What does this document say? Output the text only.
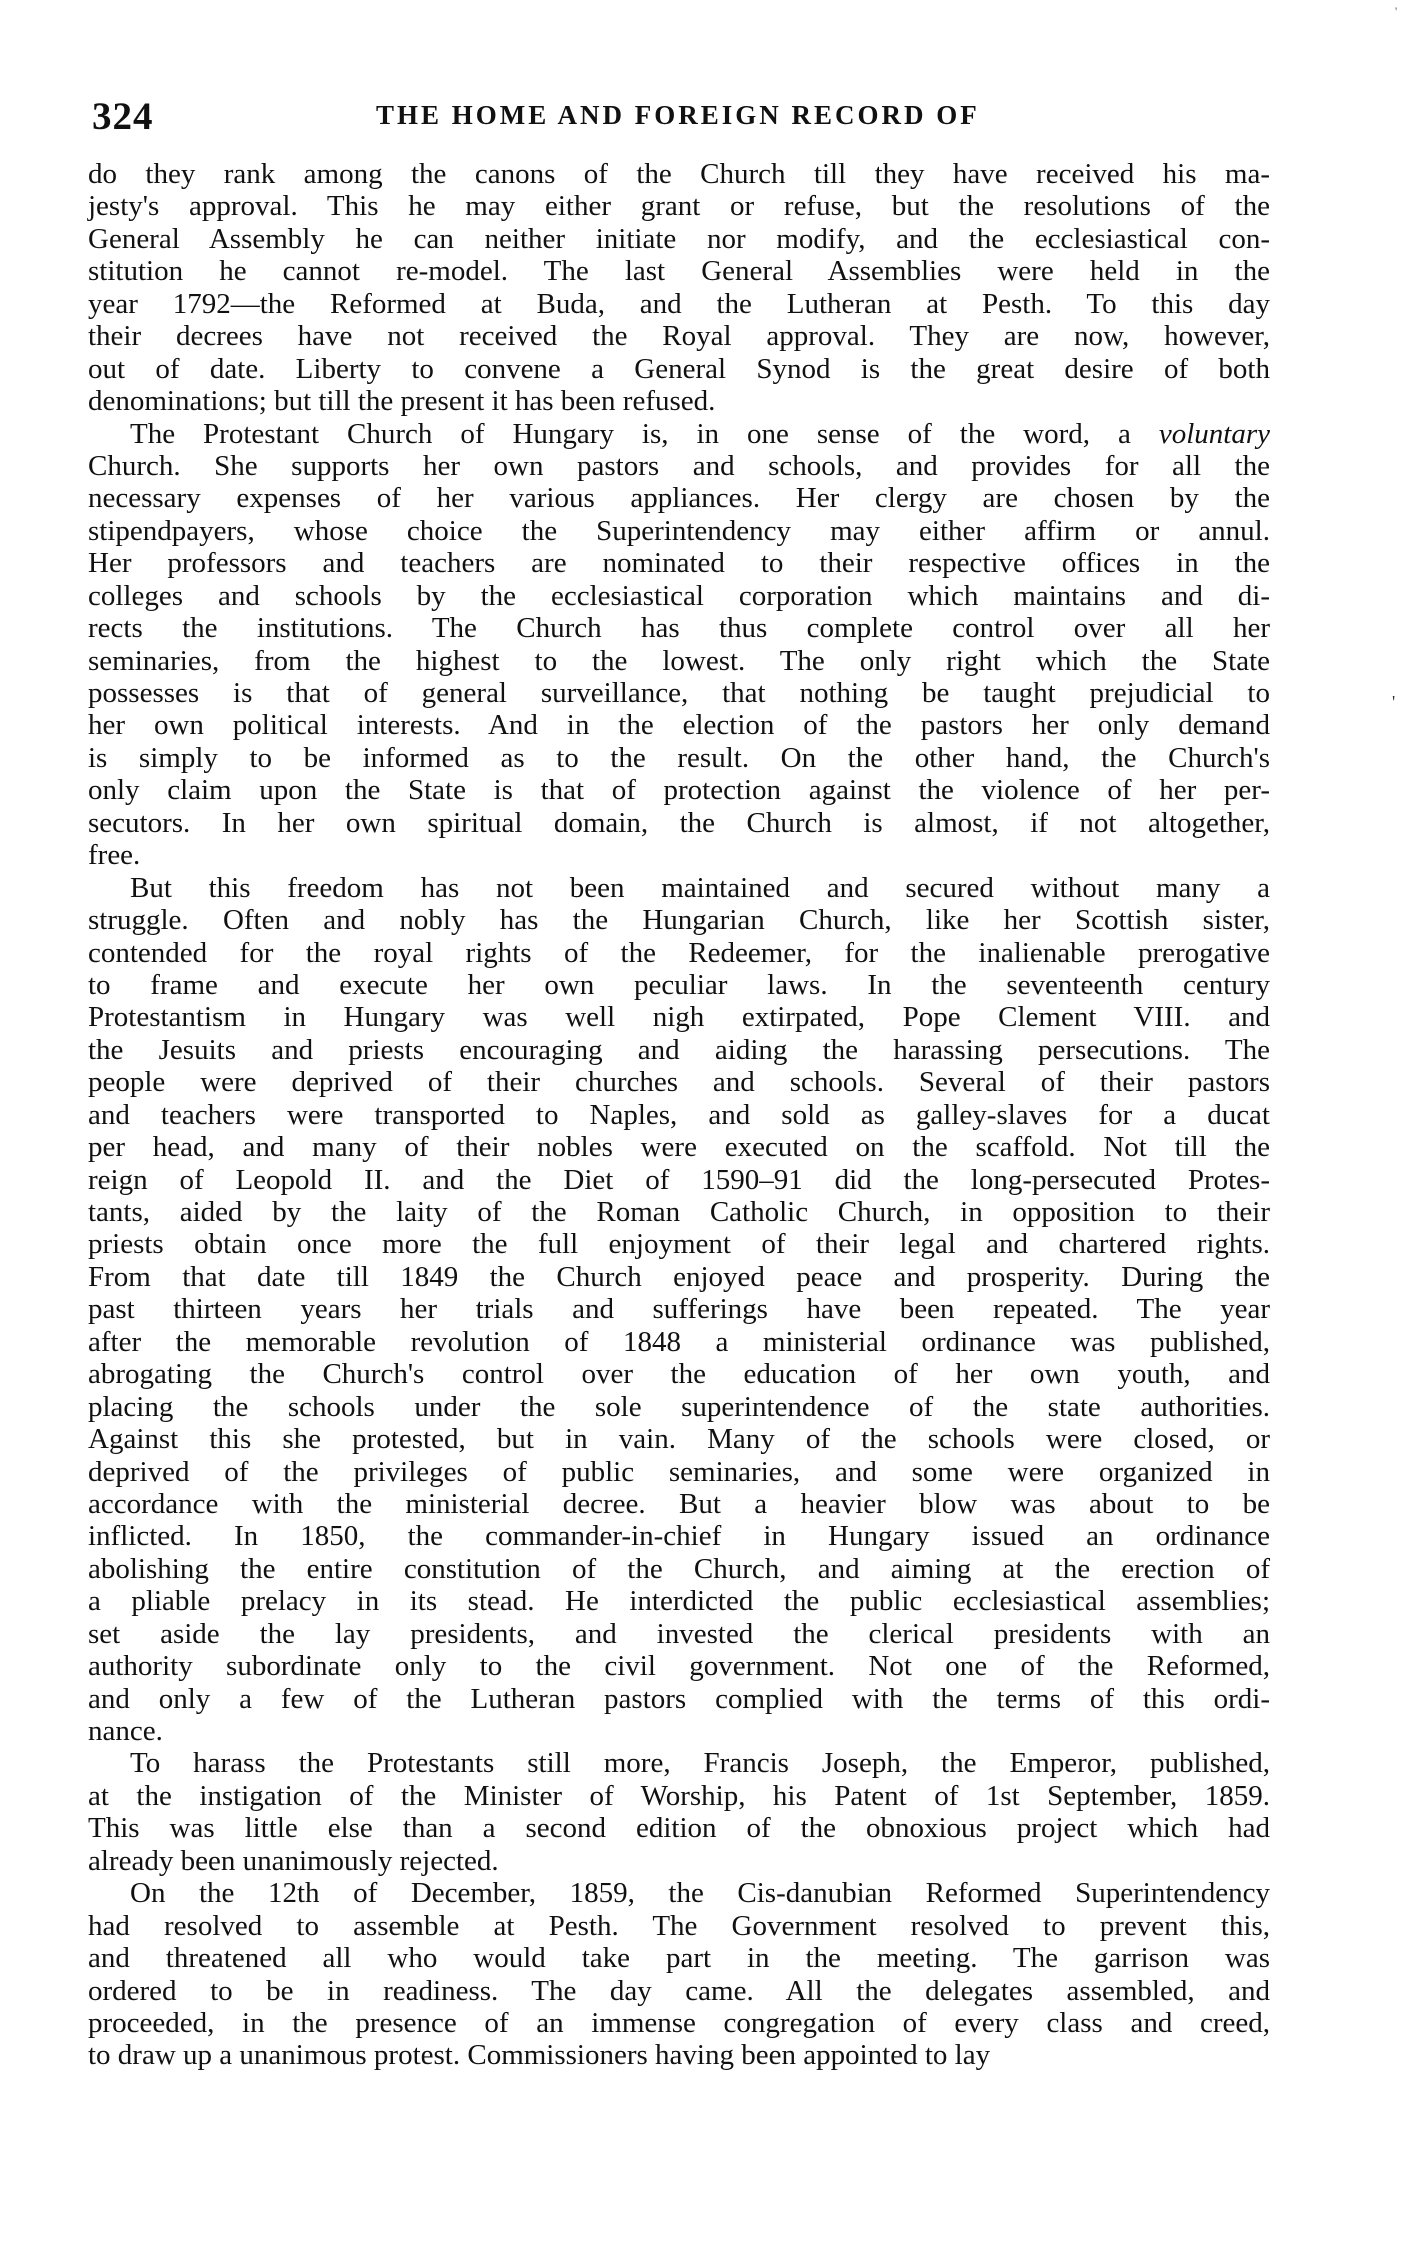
'
324	THE HOME AND FOREIGN RECORD OF
do they rank among the canons of the Church till they have received his ma-
jesty's approval. This he may either grant or refuse, but the resolutions of the
General Assembly he can neither initiate nor modify, and the ecclesiastical con-
stitution he cannot re-model. The last General Assemblies were held in the
year 1792—the Reformed at Buda, and the Lutheran at Pesth. To this day
their decrees have not received the Royal approval. They are now, however,
out of date. Liberty to convene a General Synod is the great desire of both
denominations; but till the present it has been refused.
The Protestant Church of Hungary is, in one sense of the word, a voluntary
Church. She supports her own pastors and schools, and provides for all the
necessary expenses of her various appliances. Her clergy are chosen by the
stipendpayers, whose choice the Superintendency may either affirm or annul.
Her professors and teachers are nominated to their respective offices in the
colleges and schools by the ecclesiastical corporation which maintains and di-
rects the institutions. The Church has thus complete control over all her
seminaries, from the highest to the lowest. The only right which the State
possesses is that of general surveillance, that nothing be taught prejudicial to
her own political interests. And in the election of the pastors her only demand
is simply to be informed as to the result. On the other hand, the Church's
only claim upon the State is that of protection against the violence of her per-
secutors. In her own spiritual domain, the Church is almost, if not altogether,
free.
But this freedom has not been maintained and secured without many a
struggle. Often and nobly has the Hungarian Church, like her Scottish sister,
contended for the royal rights of the Redeemer, for the inalienable prerogative
to frame and execute her own peculiar laws. In the seventeenth century
Protestantism in Hungary was well nigh extirpated, Pope Clement VIII. and
the Jesuits and priests encouraging and aiding the harassing persecutions. The
people were deprived of their churches and schools. Several of their pastors
and teachers were transported to Naples, and sold as galley-slaves for a ducat
per head, and many of their nobles were executed on the scaffold. Not till the
reign of Leopold II. and the Diet of 1590–91 did the long-persecuted Protes-
tants, aided by the laity of the Roman Catholic Church, in opposition to their
priests obtain once more the full enjoyment of their legal and chartered rights.
From that date till 1849 the Church enjoyed peace and prosperity. During the
past thirteen years her trials and sufferings have been repeated. The year
after the memorable revolution of 1848 a ministerial ordinance was published,
abrogating the Church's control over the education of her own youth, and
placing the schools under the sole superintendence of the state authorities.
Against this she protested, but in vain. Many of the schools were closed, or
deprived of the privileges of public seminaries, and some were organized in
accordance with the ministerial decree. But a heavier blow was about to be
inflicted. In 1850, the commander-in-chief in Hungary issued an ordinance
abolishing the entire constitution of the Church, and aiming at the erection of
a pliable prelacy in its stead. He interdicted the public ecclesiastical assemblies;
set aside the lay presidents, and invested the clerical presidents with an
authority subordinate only to the civil government. Not one of the Reformed,
and only a few of the Lutheran pastors complied with the terms of this ordi-
nance.
To harass the Protestants still more, Francis Joseph, the Emperor, published,
at the instigation of the Minister of Worship, his Patent of 1st September, 1859.
This was little else than a second edition of the obnoxious project which had
already been unanimously rejected.
On the 12th of December, 1859, the Cis-danubian Reformed Superintendency
had resolved to assemble at Pesth. The Government resolved to prevent this,
and threatened all who would take part in the meeting. The garrison was
ordered to be in readiness. The day came. All the delegates assembled, and
proceeded, in the presence of an immense congregation of every class and creed,
to draw up a unanimous protest. Commissioners having been appointed to lay
'
